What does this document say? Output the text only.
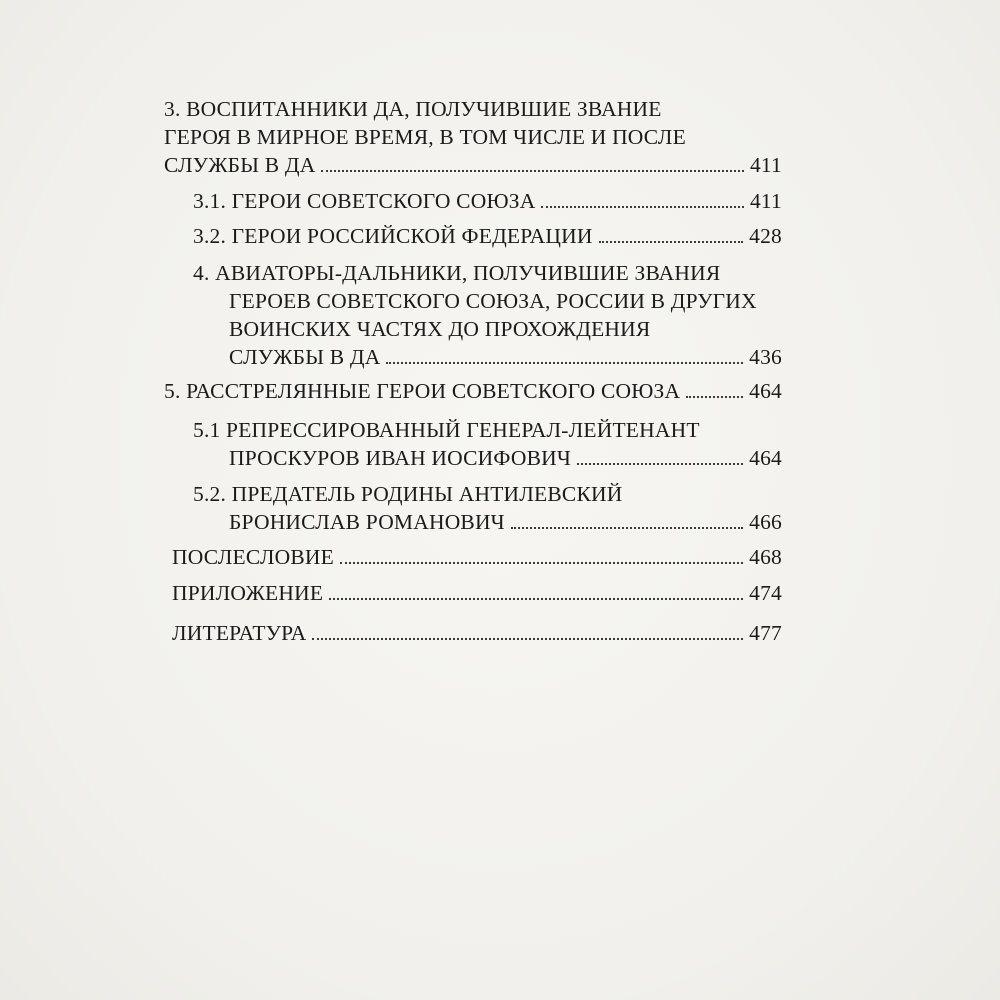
3. ВОСПИТАННИКИ ДА, ПОЛУЧИВШИЕ ЗВАНИЕ
ГЕРОЯ В МИРНОЕ ВРЕМЯ, В ТОМ ЧИСЛЕ И ПОСЛЕ
СЛУЖБЫ В ДА	411
3.1. ГЕРОИ СОВЕТСКОГО СОЮЗА	411
3.2. ГЕРОИ РОССИЙСКОЙ ФЕДЕРАЦИИ	428
4. АВИАТОРЫ-ДАЛЬНИКИ, ПОЛУЧИВШИЕ ЗВАНИЯ
ГЕРОЕВ СОВЕТСКОГО СОЮЗА, РОССИИ В ДРУГИХ
ВОИНСКИХ ЧАСТЯХ ДО ПРОХОЖДЕНИЯ
СЛУЖБЫ В ДА	436
5. РАССТРЕЛЯННЫЕ ГЕРОИ СОВЕТСКОГО СОЮЗА	464
5.1 РЕПРЕССИРОВАННЫЙ ГЕНЕРАЛ-ЛЕЙТЕНАНТ
ПРОСКУРОВ ИВАН ИОСИФОВИЧ	464
5.2. ПРЕДАТЕЛЬ РОДИНЫ АНТИЛЕВСКИЙ
БРОНИСЛАВ РОМАНОВИЧ	466
ПОСЛЕСЛОВИЕ	468
ПРИЛОЖЕНИЕ	474
ЛИТЕРАТУРА	477
